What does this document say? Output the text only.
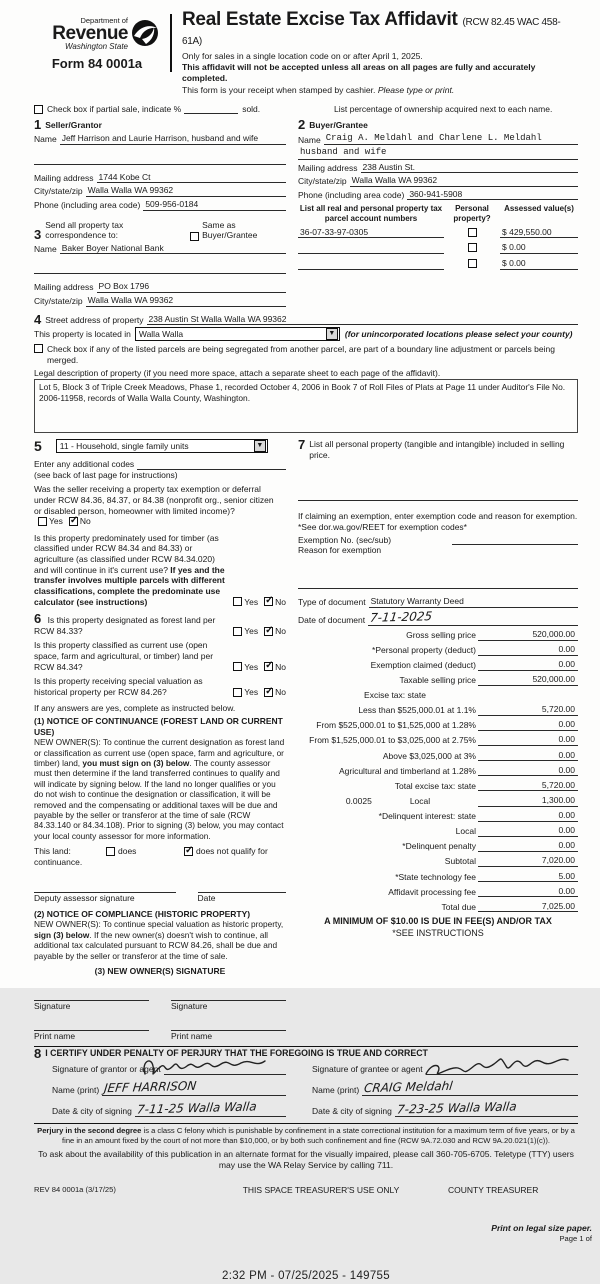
Department of
Revenue
Washington State
Form 84 0001a
Real Estate Excise Tax Affidavit (RCW 82.45 WAC 458-61A)
Only for sales in a single location code on or after April 1, 2025.
This affidavit will not be accepted unless all areas on all pages are fully and accurately completed.
This form is your receipt when stamped by cashier. Please type or print.
Check box if partial sale, indicate %	sold.	List percentage of ownership acquired next to each name.
1 Seller/Grantor
Name Jeff Harrison and Laurie Harrison, husband and wife
Mailing address 1744 Kobe Ct
City/state/zip Walla Walla WA 99362
Phone (including area code) 509-956-0184
3
Send all property tax correspondence to:
Same as Buyer/Grantee
Name Baker Boyer National Bank
Mailing address PO Box 1796
City/state/zip Walla Walla WA 99362
2 Buyer/Grantee
Name Craig A. Meldahl and Charlene L. Meldahl
husband and wife
Mailing address 238 Austin St.
City/state/zip Walla Walla WA 99362
Phone (including area code) 360-941-5908
List all real and personal property tax parcel account numbers
Personal property?
Assessed value(s)
36-07-33-97-0305	$ 429,550.00
$ 0.00
$ 0.00
4 Street address of property 238 Austin St Walla Walla WA 99362
This property is located in Walla Walla	▼ (for unincorporated locations please select your county)
Check box if any of the listed parcels are being segregated from another parcel, are part of a boundary line adjustment or parcels being merged.
Legal description of property (if you need more space, attach a separate sheet to each page of the affidavit).
Lot 5, Block 3 of Triple Creek Meadows, Phase 1, recorded October 4, 2006 in Book 7 of Roll Files of Plats at Page 11 under Auditor's File No. 2006-11958, records of Walla Walla County, Washington.
5	11 - Household, single family units	▼
Enter any additional codes
(see back of last page for instructions)
Was the seller receiving a property tax exemption or deferral under RCW 84.36, 84.37, or 84.38 (nonprofit org., senior citizen or disabled person, homeowner with limited income)?
Yes ✓ No
Is this property predominately used for timber (as classified under RCW 84.34 and 84.33) or agriculture (as classified under RCW 84.34.020) and will continue in it's current use? If yes and the transfer involves multiple parcels with different classifications, complete the predominate use calculator (see instructions)	Yes ✓ No
6 Is this property designated as forest land per RCW 84.33?	Yes ✓ No
Is this property classified as current use (open space, farm and agricultural, or timber) land per RCW 84.34?	Yes ✓ No
Is this property receiving special valuation as historical property per RCW 84.26?	Yes ✓ No
If any answers are yes, complete as instructed below.
(1) NOTICE OF CONTINUANCE (FOREST LAND OR CURRENT USE)
NEW OWNER(S): To continue the current designation as forest land or classification as current use (open space, farm and agriculture, or timber) land, you must sign on (3) below. The county assessor must then determine if the land transferred continues to qualify and will indicate by signing below. If the land no longer qualifies or you do not wish to continue the designation or classification, it will be removed and the compensating or additional taxes will be due and payable by the seller or transferor at the time of sale (RCW 84.33.140 or 84.34.108). Prior to signing (3) below, you may contact your local county assessor for more information.
This land:	does ✓	does not qualify for
continuance.
Deputy assessor signature	Date
(2) NOTICE OF COMPLIANCE (HISTORIC PROPERTY)
NEW OWNER(S): To continue special valuation as historic property, sign (3) below. If the new owner(s) doesn't wish to continue, all additional tax calculated pursuant to RCW 84.26, shall be due and payable by the seller or transferor at the time of sale.
(3) NEW OWNER(S) SIGNATURE
Signature	Signature
Print name	Print name
7 List all personal property (tangible and intangible) included in selling price.
If claiming an exemption, enter exemption code and reason for exemption. *See dor.wa.gov/REET for exemption codes*
Exemption No. (sec/sub)
Reason for exemption
Type of document Statutory Warranty Deed
Date of document 7-11-2025
Gross selling price	520,000.00
*Personal property (deduct)	0.00
Exemption claimed (deduct)	0.00
Taxable selling price	520,000.00
Excise tax: state
Less than $525,000.01 at 1.1%	5,720.00
From $525,000.01 to $1,525,000 at 1.28%	0.00
From $1,525,000.01 to $3,025,000 at 2.75%	0.00
Above $3,025,000 at 3%	0.00
Agricultural and timberland at 1.28%	0.00
Total excise tax: state	5,720.00
0.0025	Local	1,300.00
*Delinquent interest: state	0.00
Local	0.00
*Delinquent penalty	0.00
Subtotal	7,020.00
*State technology fee	5.00
Affidavit processing fee	0.00
Total due	7,025.00
A MINIMUM OF $10.00 IS DUE IN FEE(S) AND/OR TAX
*SEE INSTRUCTIONS
8 I CERTIFY UNDER PENALTY OF PERJURY THAT THE FOREGOING IS TRUE AND CORRECT
Signature of grantor or agent
Name (print) JEFF HARRISON
Date & city of signing 7-11-25 Walla Walla
Signature of grantee or agent
Name (print) CRAIG Meldahl
Date & city of signing 7-23-25 Walla Walla
Perjury in the second degree is a class C felony which is punishable by confinement in a state correctional institution for a maximum term of five years, or by a fine in an amount fixed by the court of not more than $10,000, or by both such confinement and fine (RCW 9A.72.030 and RCW 9A.20.021(1)(c)).
To ask about the availability of this publication in an alternate format for the visually impaired, please call 360-705-6705. Teletype (TTY) users may use the WA Relay Service by calling 711.
REV 84 0001a (3/17/25)	THIS SPACE TREASURER'S USE ONLY	COUNTY TREASURER
Print on legal size paper.
Page 1 of
2:32 PM - 07/25/2025 - 149755
